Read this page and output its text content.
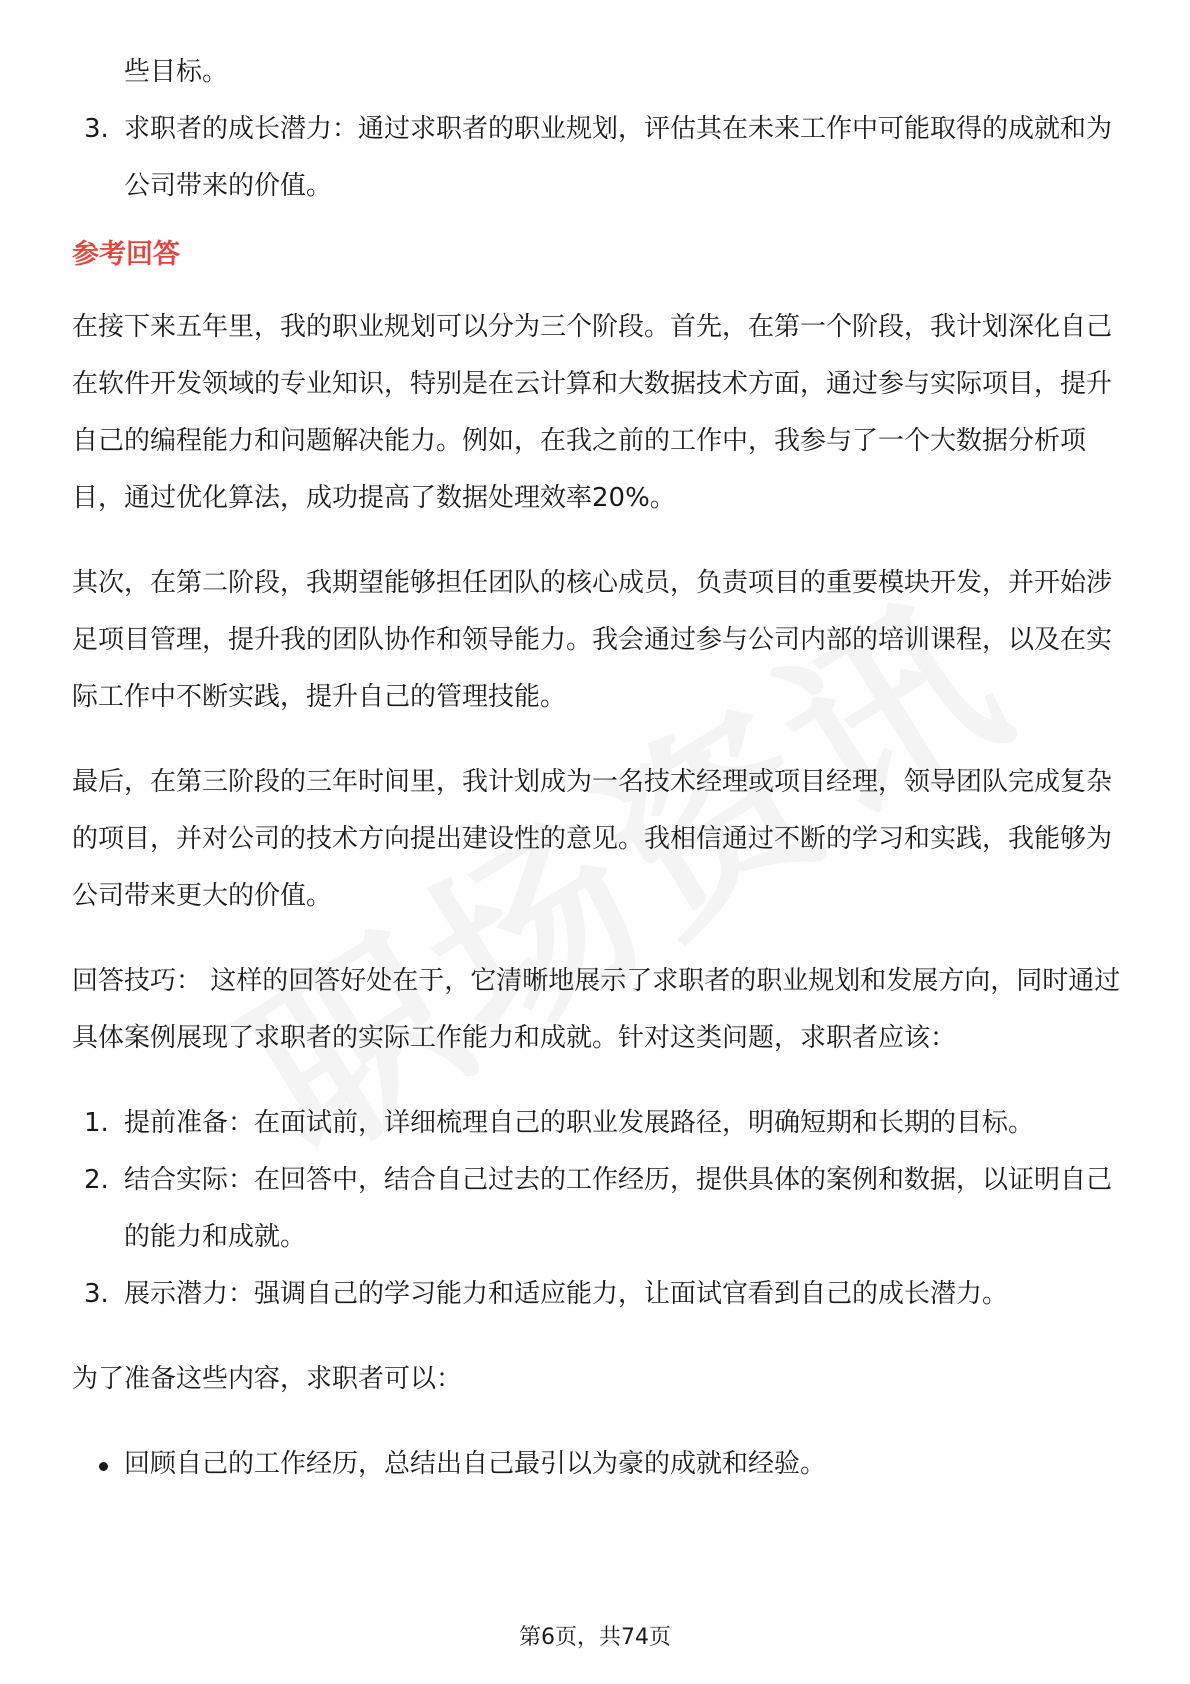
些目标。
3. 求职者的成长潜力：通过求职者的职业规划，评估其在未来工作中可能取得的成就和为公司带来的价值。
参考回答

在接下来五年里，我的职业规划可以分为三个阶段。首先，在第一个阶段，我计划深化自己在软件开发领域的专业知识，特别是在云计算和大数据技术方面，通过参与实际项目，提升自己的编程能力和问题解决能力。例如，在我之前的工作中，我参与了一个大数据分析项目，通过优化算法，成功提高了数据处理效率20%。

其次，在第二阶段，我期望能够担任团队的核心成员，负责项目的重要模块开发，并开始涉足项目管理，提升我的团队协作和领导能力。我会通过参与公司内部的培训课程，以及在实际工作中不断实践，提升自己的管理技能。

最后，在第三阶段的三年时间里，我计划成为一名技术经理或项目经理，领导团队完成复杂的项目，并对公司的技术方向提出建设性的意见。我相信通过不断的学习和实践，我能够为公司带来更大的价值。

回答技巧： 这样的回答好处在于，它清晰地展示了求职者的职业规划和发展方向，同时通过具体案例展现了求职者的实际工作能力和成就。针对这类问题，求职者应该：

1. 提前准备：在面试前，详细梳理自己的职业发展路径，明确短期和长期的目标。
2. 结合实际：在回答中，结合自己过去的工作经历，提供具体的案例和数据，以证明自己的能力和成就。
3. 展示潜力：强调自己的学习能力和适应能力，让面试官看到自己的成长潜力。

为了准备这些内容，求职者可以：

回顾自己的工作经历，总结出自己最引以为豪的成就和经验。
第6页，共74页
